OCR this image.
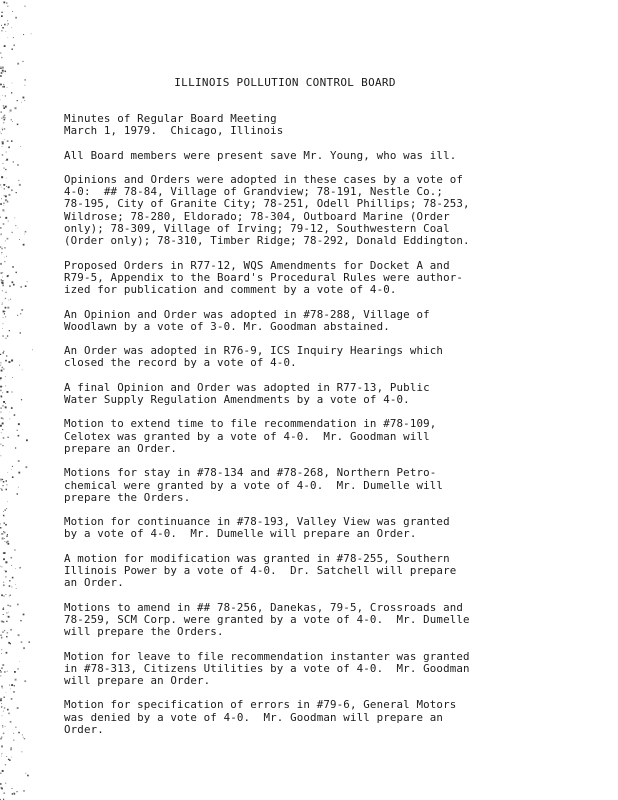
ILLINOIS POLLUTION CONTROL BOARD

Minutes of Regular Board Meeting

March 1, 1979.  Chicago, Illinois

All Board members were present save Mr. Young, who was ill.
Opinions and Orders were adopted in these cases by a vote of
4-0:  ## 78-84, Village of Grandview; 78-191, Nestle Co.;
78-195, City of Granite City; 78-251, Odell Phillips; 78-253,
Wildrose; 78-280, Eldorado; 78-304, Outboard Marine (Order
only); 78-309, Village of Irving; 79-12, Southwestern Coal
(Order only); 78-310, Timber Ridge; 78-292, Donald Eddington.
Proposed Orders in R77-12, WQS Amendments for Docket A and
R79-5, Appendix to the Board's Procedural Rules were author-
ized for publication and comment by a vote of 4-0.
An Opinion and Order was adopted in #78-288, Village of
Woodlawn by a vote of 3-0. Mr. Goodman abstained.
An Order was adopted in R76-9, ICS Inquiry Hearings which
closed the record by a vote of 4-0.
A final Opinion and Order was adopted in R77-13, Public
Water Supply Regulation Amendments by a vote of 4-0.
Motion to extend time to file recommendation in #78-109,
Celotex was granted by a vote of 4-0.  Mr. Goodman will
prepare an Order.
Motions for stay in #78-134 and #78-268, Northern Petro-
chemical were granted by a vote of 4-0.  Mr. Dumelle will
prepare the Orders.
Motion for continuance in #78-193, Valley View was granted
by a vote of 4-0.  Mr. Dumelle will prepare an Order.
A motion for modification was granted in #78-255, Southern
Illinois Power by a vote of 4-0.  Dr. Satchell will prepare
an Order.
Motions to amend in ## 78-256, Danekas, 79-5, Crossroads and
78-259, SCM Corp. were granted by a vote of 4-0.  Mr. Dumelle
will prepare the Orders.
Motion for leave to file recommendation instanter was granted
in #78-313, Citizens Utilities by a vote of 4-0.  Mr. Goodman
will prepare an Order.
Motion for specification of errors in #79-6, General Motors
was denied by a vote of 4-0.  Mr. Goodman will prepare an
Order.
